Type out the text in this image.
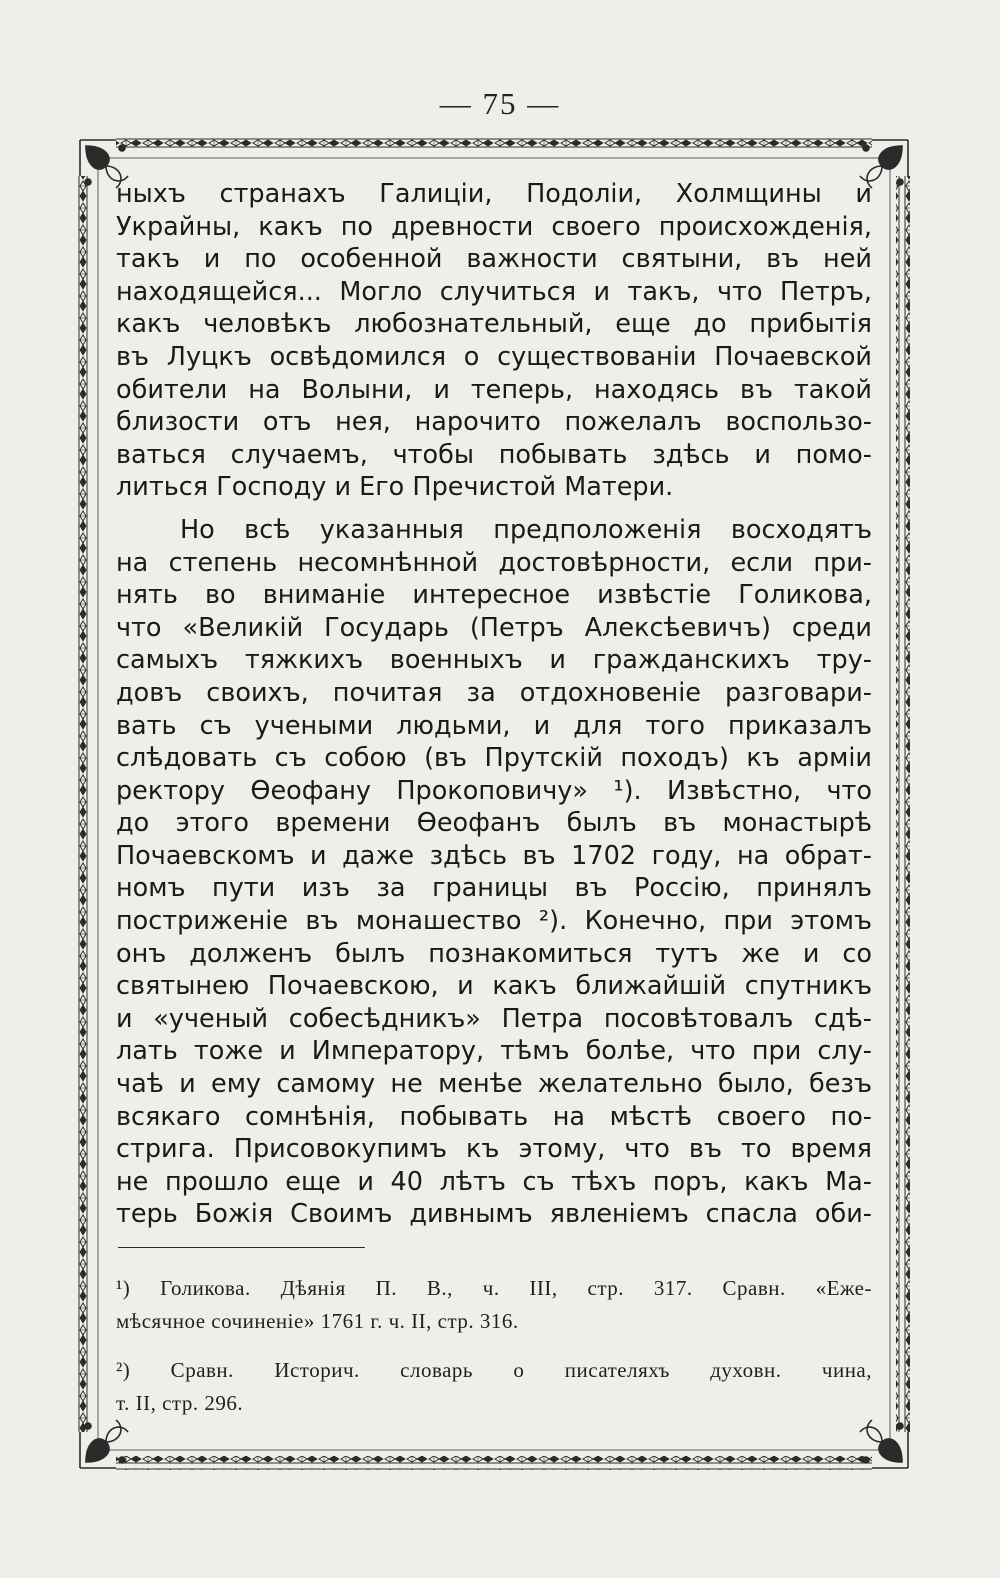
— 75 —
ныхъ странахъ Галиціи, Подоліи, Холмщины и
Украйны, какъ по древности своего происхожденія,
такъ и по особенной важности святыни, въ ней
находящейся... Могло случиться и такъ, что Петръ,
какъ человѣкъ любознательный, еще до прибытія
въ Луцкъ освѣдомился о существованіи Почаевской
обители на Волыни, и теперь, находясь въ такой
близости отъ нея, нарочито пожелалъ воспользо-
ваться случаемъ, чтобы побывать здѣсь и помо-
литься Господу и Его Пречистой Матери.
Но всѣ указанныя предположенія восходятъ
на степень несомнѣнной достовѣрности, если при-
нять во вниманіе интересное извѣстіе Голикова,
что «Великій Государь (Петръ Алексѣевичъ) среди
самыхъ тяжкихъ военныхъ и гражданскихъ тру-
довъ своихъ, почитая за отдохновеніе разговари-
вать съ учеными людьми, и для того приказалъ
слѣдовать съ собою (въ Прутскій походъ) къ арміи
ректору Ѳеофану Прокоповичу» ¹). Извѣстно, что
до этого времени Ѳеофанъ былъ въ монастырѣ
Почаевскомъ и даже здѣсь въ 1702 году, на обрат-
номъ пути изъ за границы въ Россію, принялъ
постриженіе въ монашество ²). Конечно, при этомъ
онъ долженъ былъ познакомиться тутъ же и со
святынею Почаевскою, и какъ ближайшій спутникъ
и «ученый собесѣдникъ» Петра посовѣтовалъ сдѣ-
лать тоже и Императору, тѣмъ болѣе, что при слу-
чаѣ и ему самому не менѣе желательно было, безъ
всякаго сомнѣнія, побывать на мѣстѣ своего по-
стрига. Присовокупимъ къ этому, что въ то время
не прошло еще и 40 лѣтъ съ тѣхъ поръ, какъ Ма-
терь Божія Своимъ дивнымъ явленіемъ спасла оби-
¹) Голикова. Дѣянія П. В., ч. III, стр. 317. Сравн. «Еже-
мѣсячное сочиненіе» 1761 г. ч. II, стр. 316.
²) Сравн. Историч. словарь о писателяхъ духовн. чина,
т. II, стр. 296.
